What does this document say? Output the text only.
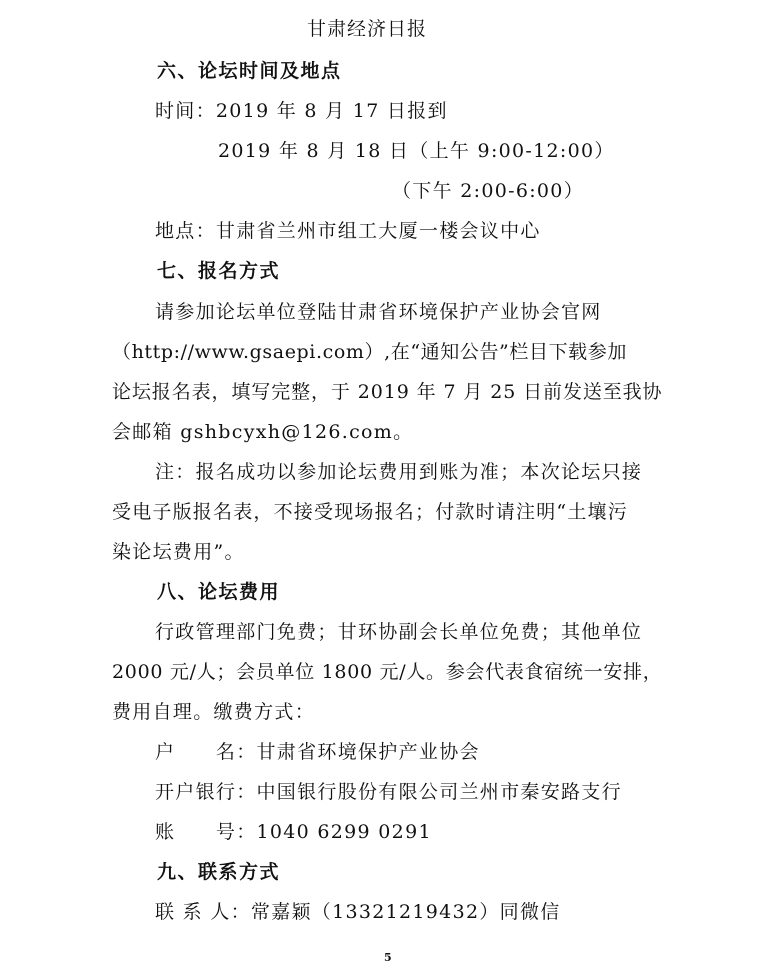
甘肃经济日报
六、论坛时间及地点
时间：2019 年 8 月 17 日报到
2019 年 8 月 18 日（上午 9:00-12:00）
（下午 2:00-6:00）
地点：甘肃省兰州市组工大厦一楼会议中心
七、报名方式
请参加论坛单位登陆甘肃省环境保护产业协会官网
（http://www.gsaepi.com）,在“通知公告”栏目下载参加
论坛报名表，填写完整，于 2019 年 7 月 25 日前发送至我协
会邮箱 gshbcyxh@126.com。
注：报名成功以参加论坛费用到账为准；本次论坛只接
受电子版报名表，不接受现场报名；付款时请注明“土壤污
染论坛费用”。
八、论坛费用
行政管理部门免费；甘环协副会长单位免费；其他单位
2000 元/人；会员单位 1800 元/人。参会代表食宿统一安排，
费用自理。缴费方式：
户　　名：甘肃省环境保护产业协会
开户银行：中国银行股份有限公司兰州市秦安路支行
账　　号：1040 6299 0291
九、联系方式
联 系 人：常嘉颖（13321219432）同微信
5
